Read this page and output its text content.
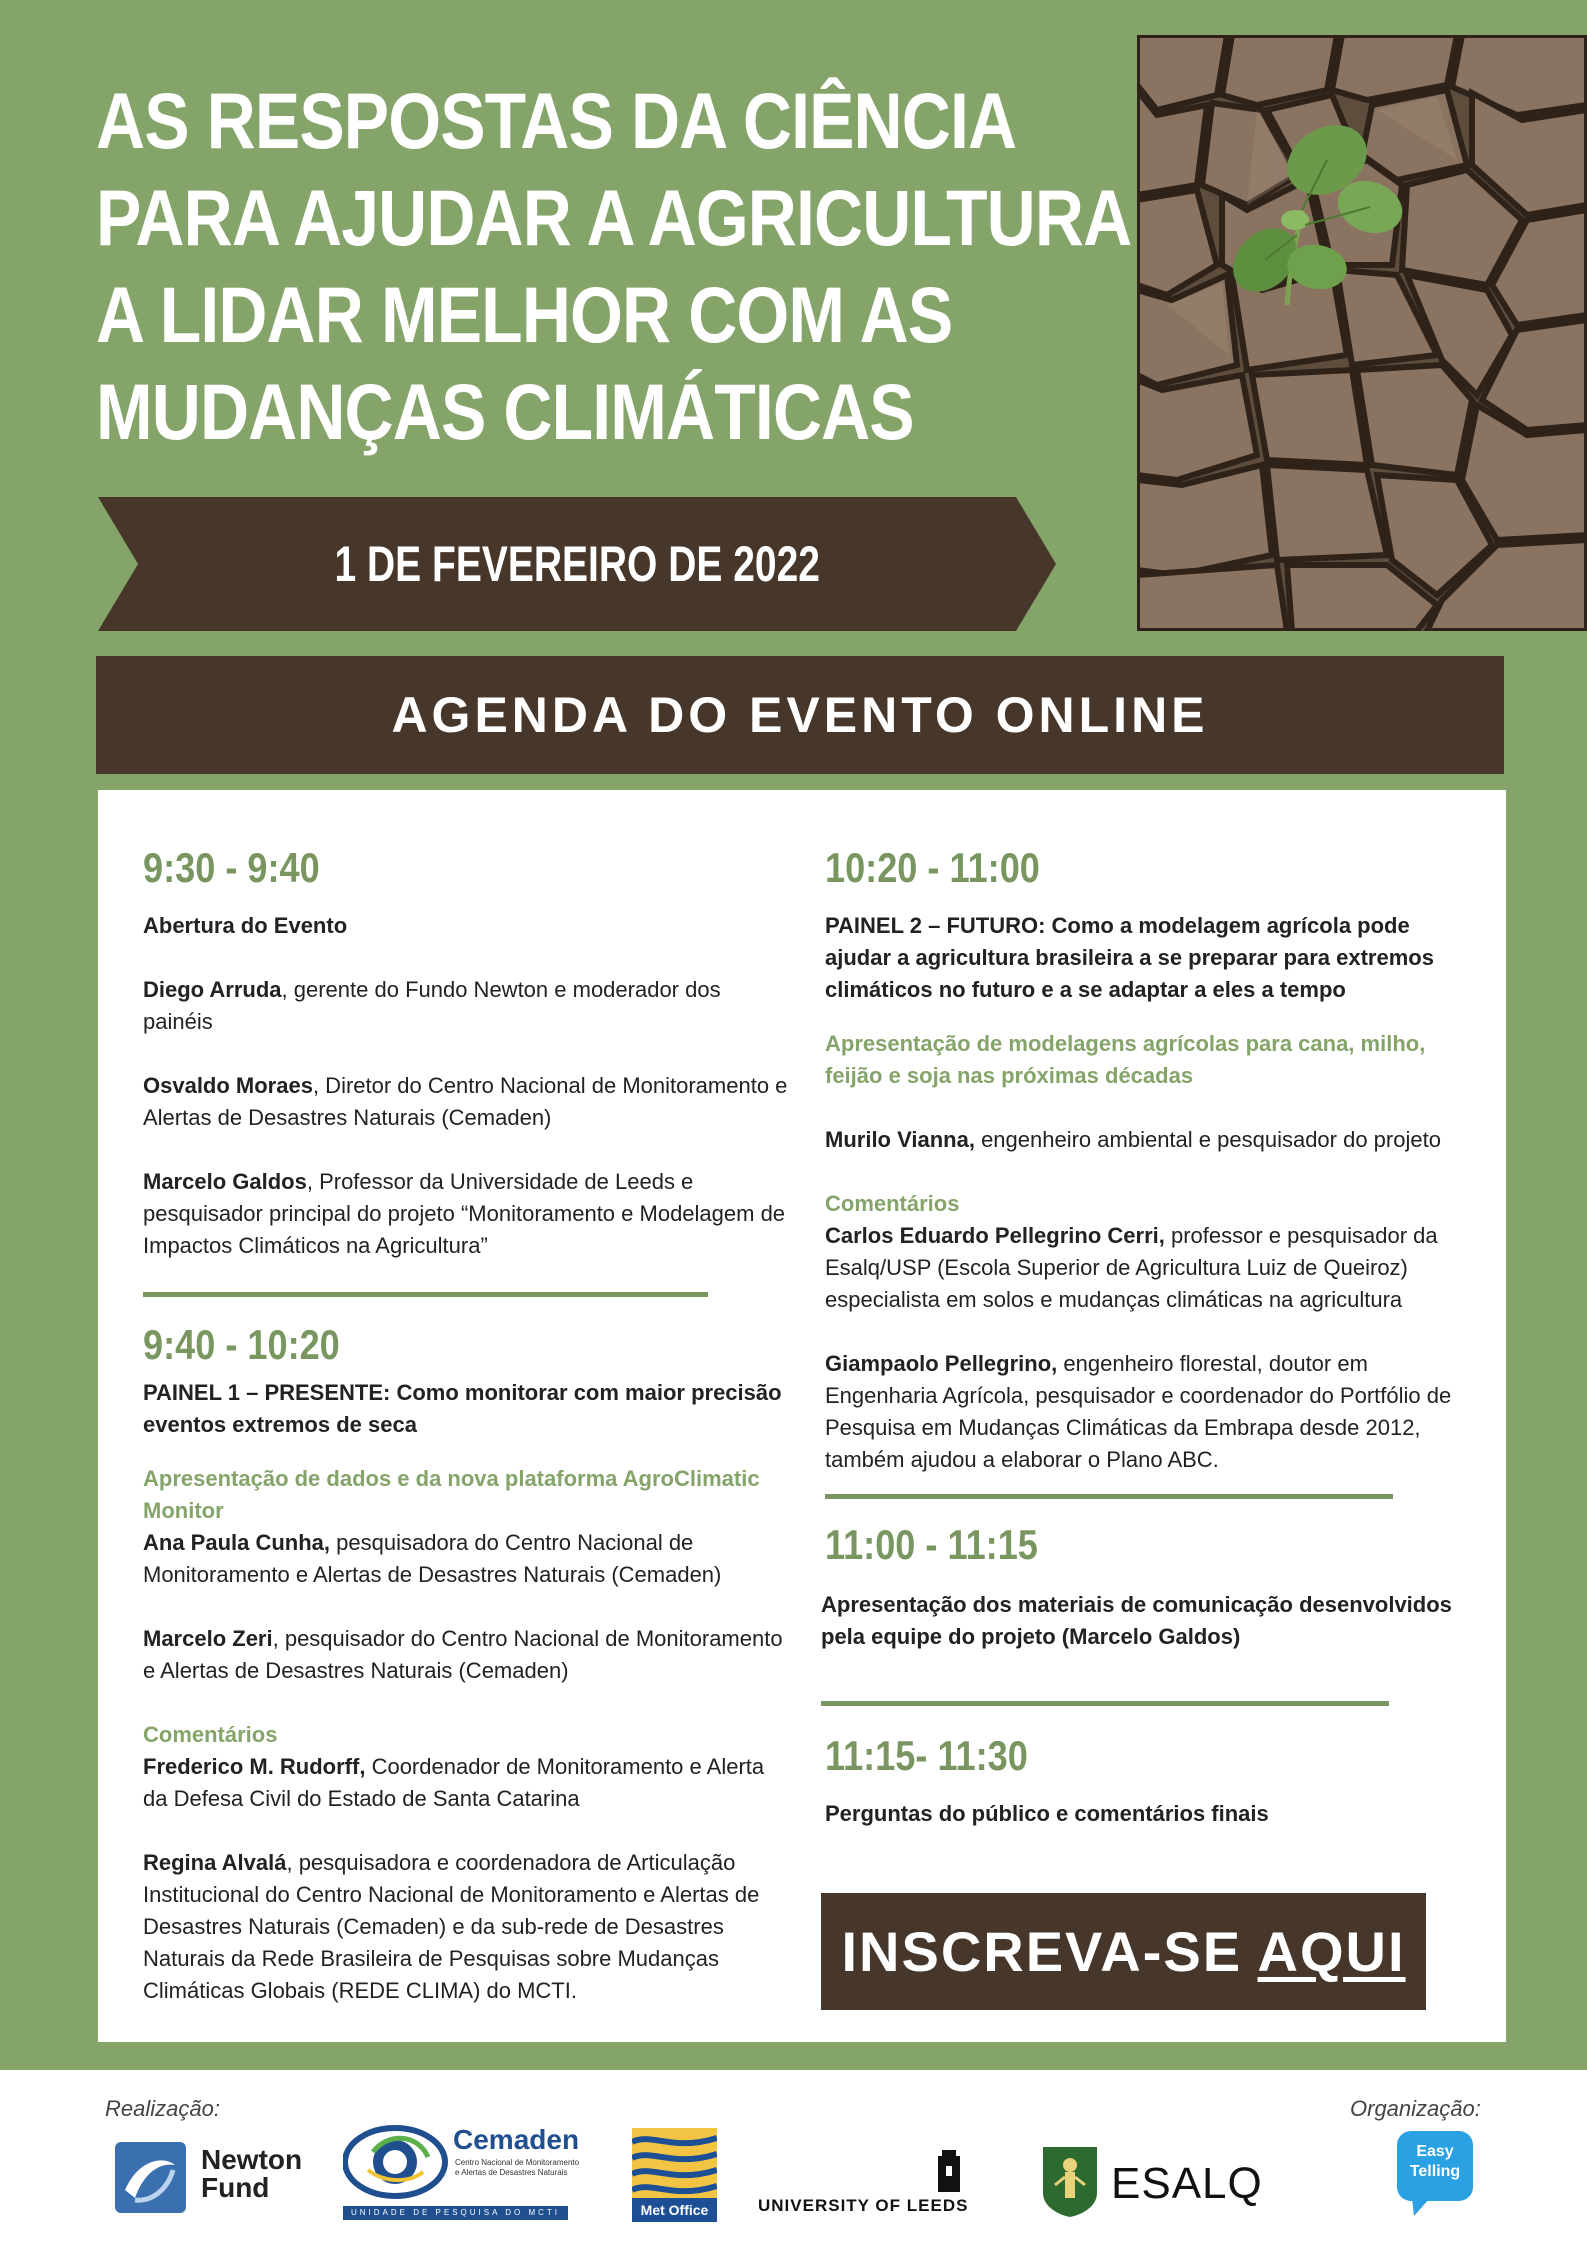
AS RESPOSTAS DA CIÊNCIA
PARA AJUDAR A AGRICULTURA
A LIDAR MELHOR COM AS
MUDANÇAS CLIMÁTICAS
1 DE FEVEREIRO DE 2022
AGENDA DO EVENTO ONLINE
9:30 - 9:40
Abertura do Evento
Diego Arruda, gerente do Fundo Newton e moderador dos painéis
Osvaldo Moraes, Diretor do Centro Nacional de Monitoramento e Alertas de Desastres Naturais (Cemaden)
Marcelo Galdos, Professor da Universidade de Leeds e pesquisador principal do projeto “Monitoramento e Modelagem de Impactos Climáticos na Agricultura”
9:40 - 10:20
PAINEL 1 – PRESENTE: Como monitorar com maior precisão eventos extremos de seca
Apresentação de dados e da nova plataforma AgroClimatic Monitor
Ana Paula Cunha, pesquisadora do Centro Nacional de Monitoramento e Alertas de Desastres Naturais (Cemaden)
Marcelo Zeri, pesquisador do Centro Nacional de Monitoramento e Alertas de Desastres Naturais (Cemaden)
Comentários
Frederico M. Rudorff, Coordenador de Monitoramento e Alerta da Defesa Civil do Estado de Santa Catarina
Regina Alvalá, pesquisadora e coordenadora de Articulação Institucional do Centro Nacional de Monitoramento e Alertas de Desastres Naturais (Cemaden) e da sub-rede de Desastres Naturais da Rede Brasileira de Pesquisas sobre Mudanças Climáticas Globais (REDE CLIMA) do MCTI.
10:20 - 11:00
PAINEL 2 – FUTURO: Como a modelagem agrícola pode ajudar a agricultura brasileira a se preparar para extremos climáticos no futuro e a se adaptar a eles a tempo
Apresentação de modelagens agrícolas para cana, milho, feijão e soja nas próximas décadas
Murilo Vianna, engenheiro ambiental e pesquisador do projeto
Comentários
Carlos Eduardo Pellegrino Cerri, professor e pesquisador da Esalq/USP (Escola Superior de Agricultura Luiz de Queiroz) especialista em solos e mudanças climáticas na agricultura
Giampaolo Pellegrino, engenheiro florestal, doutor em Engenharia Agrícola, pesquisador e coordenador do Portfólio de Pesquisa em Mudanças Climáticas da Embrapa desde 2012, também ajudou a elaborar o Plano ABC.
11:00 - 11:15
Apresentação dos materiais de comunicação desenvolvidos pela equipe do projeto (Marcelo Galdos)
11:15- 11:30
Perguntas do público e comentários finais
INSCREVA-SE AQUI
Realização:	Organização:
Newton
Fund
Cemaden
Centro Nacional de Monitoramento
e Alertas de Desastres Naturais
UNIDADE DE PESQUISA DO MCTI	Met Office	UNIVERSITY OF LEEDS	ESALQ
Easy
Telling
